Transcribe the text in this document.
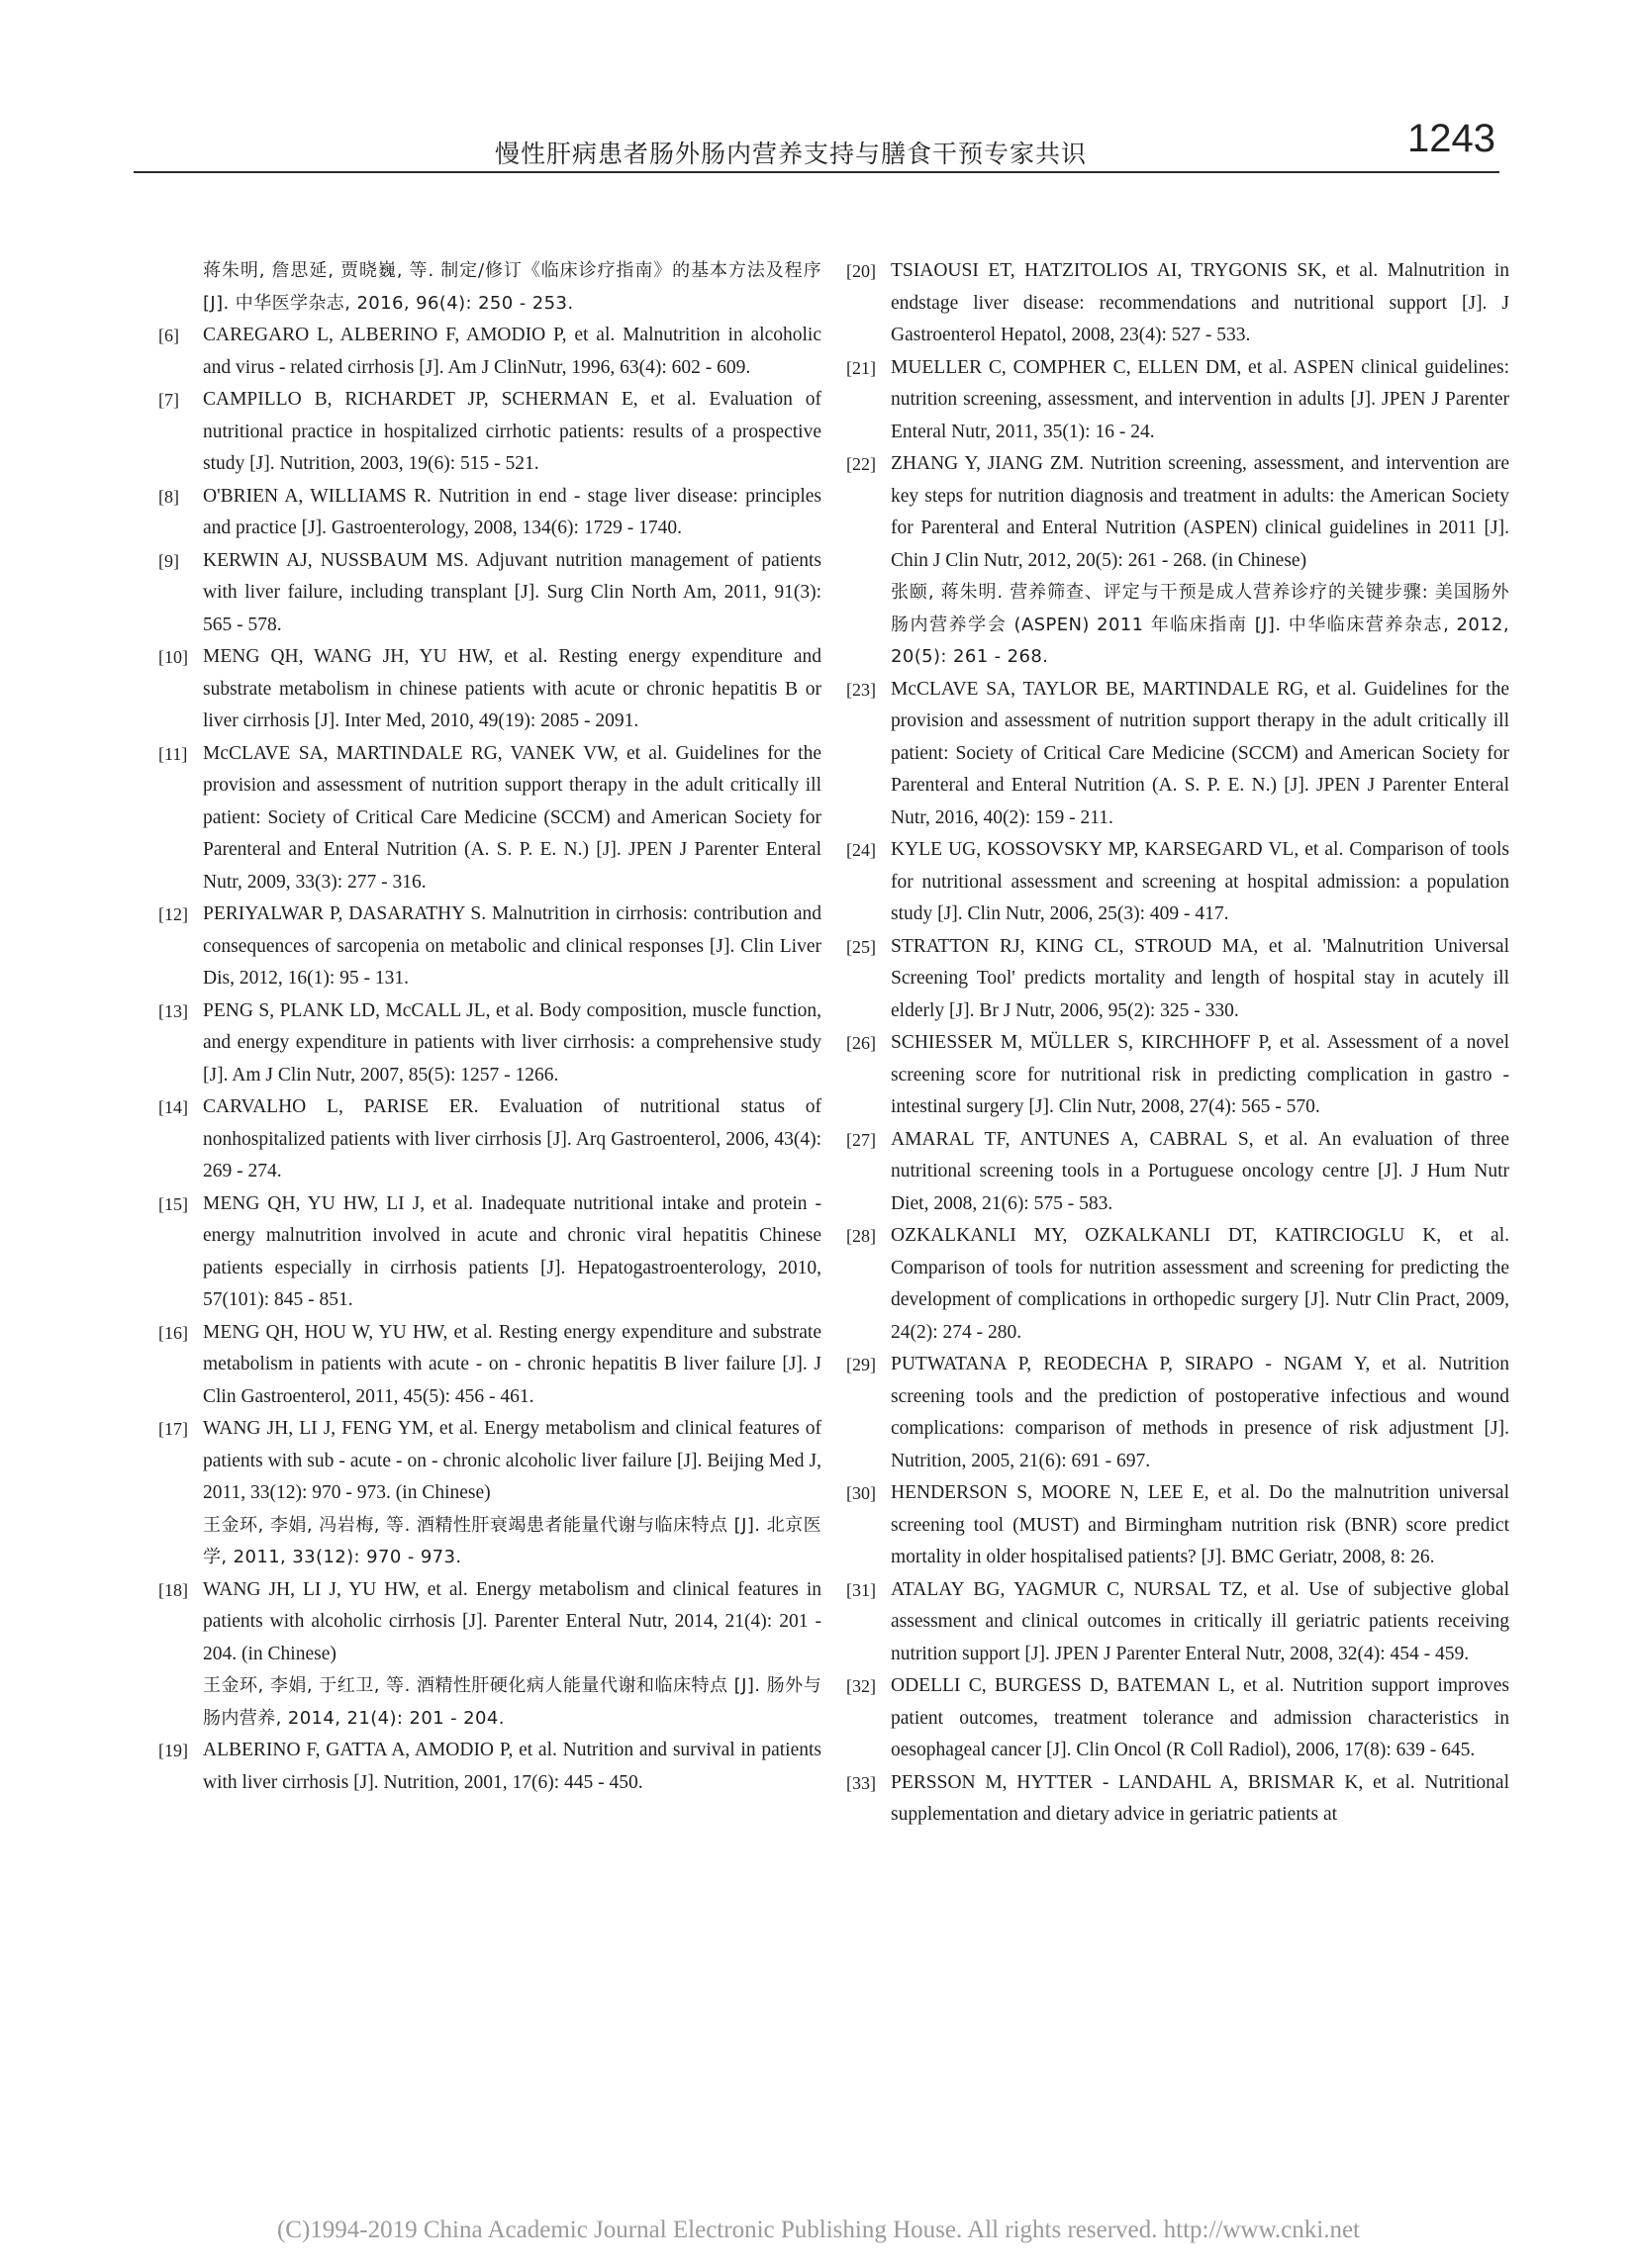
慢性肝病患者肠外肠内营养支持与膳食干预专家共识	1243
蒋朱明, 詹思延, 贾晓巍, 等. 制定/修订《临床诊疗指南》的基本方法及程序 [J]. 中华医学杂志, 2016, 96(4): 250 - 253.
[6] CAREGARO L, ALBERINO F, AMODIO P, et al. Malnutrition in alcoholic and virus - related cirrhosis [J]. Am J ClinNutr, 1996, 63(4): 602 - 609.
[7] CAMPILLO B, RICHARDET JP, SCHERMAN E, et al. Evaluation of nutritional practice in hospitalized cirrhotic patients: results of a prospective study [J]. Nutrition, 2003, 19(6): 515 - 521.
[8] O'BRIEN A, WILLIAMS R. Nutrition in end - stage liver disease: principles and practice [J]. Gastroenterology, 2008, 134(6): 1729 - 1740.
[9] KERWIN AJ, NUSSBAUM MS. Adjuvant nutrition management of patients with liver failure, including transplant [J]. Surg Clin North Am, 2011, 91(3): 565 - 578.
[10] MENG QH, WANG JH, YU HW, et al. Resting energy expenditure and substrate metabolism in chinese patients with acute or chronic hepatitis B or liver cirrhosis [J]. Inter Med, 2010, 49(19): 2085 - 2091.
[11] McCLAVE SA, MARTINDALE RG, VANEK VW, et al. Guidelines for the provision and assessment of nutrition support therapy in the adult critically ill patient: Society of Critical Care Medicine (SCCM) and American Society for Parenteral and Enteral Nutrition (A. S. P. E. N.) [J]. JPEN J Parenter Enteral Nutr, 2009, 33(3): 277 - 316.
[12] PERIYALWAR P, DASARATHY S. Malnutrition in cirrhosis: contribution and consequences of sarcopenia on metabolic and clinical responses [J]. Clin Liver Dis, 2012, 16(1): 95 - 131.
[13] PENG S, PLANK LD, McCALL JL, et al. Body composition, muscle function, and energy expenditure in patients with liver cirrhosis: a comprehensive study [J]. Am J Clin Nutr, 2007, 85(5): 1257 - 1266.
[14] CARVALHO L, PARISE ER. Evaluation of nutritional status of nonhospitalized patients with liver cirrhosis [J]. Arq Gastroenterol, 2006, 43(4): 269 - 274.
[15] MENG QH, YU HW, LI J, et al. Inadequate nutritional intake and protein - energy malnutrition involved in acute and chronic viral hepatitis Chinese patients especially in cirrhosis patients [J]. Hepatogastroenterology, 2010, 57(101): 845 - 851.
[16] MENG QH, HOU W, YU HW, et al. Resting energy expenditure and substrate metabolism in patients with acute - on - chronic hepatitis B liver failure [J]. J Clin Gastroenterol, 2011, 45(5): 456 - 461.
[17] WANG JH, LI J, FENG YM, et al. Energy metabolism and clinical features of patients with sub - acute - on - chronic alcoholic liver failure [J]. Beijing Med J, 2011, 33(12): 970 - 973. (in Chinese)
王金环, 李娟, 冯岩梅, 等. 酒精性肝衰竭患者能量代谢与临床特点 [J]. 北京医学, 2011, 33(12): 970 - 973.
[18] WANG JH, LI J, YU HW, et al. Energy metabolism and clinical features in patients with alcoholic cirrhosis [J]. Parenter Enteral Nutr, 2014, 21(4): 201 - 204. (in Chinese)
王金环, 李娟, 于红卫, 等. 酒精性肝硬化病人能量代谢和临床特点 [J]. 肠外与肠内营养, 2014, 21(4): 201 - 204.
[19] ALBERINO F, GATTA A, AMODIO P, et al. Nutrition and survival in patients with liver cirrhosis [J]. Nutrition, 2001, 17(6): 445 - 450.
[20] TSIAOUSI ET, HATZITOLIOS AI, TRYGONIS SK, et al. Malnutrition in endstage liver disease: recommendations and nutritional support [J]. J Gastroenterol Hepatol, 2008, 23(4): 527 - 533.
[21] MUELLER C, COMPHER C, ELLEN DM, et al. ASPEN clinical guidelines: nutrition screening, assessment, and intervention in adults [J]. JPEN J Parenter Enteral Nutr, 2011, 35(1): 16 - 24.
[22] ZHANG Y, JIANG ZM. Nutrition screening, assessment, and intervention are key steps for nutrition diagnosis and treatment in adults: the American Society for Parenteral and Enteral Nutrition (ASPEN) clinical guidelines in 2011 [J]. Chin J Clin Nutr, 2012, 20(5): 261 - 268. (in Chinese)
张颐, 蒋朱明. 营养筛查、评定与干预是成人营养诊疗的关键步骤: 美国肠外肠内营养学会 (ASPEN) 2011 年临床指南 [J]. 中华临床营养杂志, 2012, 20(5): 261 - 268.
[23] McCLAVE SA, TAYLOR BE, MARTINDALE RG, et al. Guidelines for the provision and assessment of nutrition support therapy in the adult critically ill patient: Society of Critical Care Medicine (SCCM) and American Society for Parenteral and Enteral Nutrition (A. S. P. E. N.) [J]. JPEN J Parenter Enteral Nutr, 2016, 40(2): 159 - 211.
[24] KYLE UG, KOSSOVSKY MP, KARSEGARD VL, et al. Comparison of tools for nutritional assessment and screening at hospital admission: a population study [J]. Clin Nutr, 2006, 25(3): 409 - 417.
[25] STRATTON RJ, KING CL, STROUD MA, et al. 'Malnutrition Universal Screening Tool' predicts mortality and length of hospital stay in acutely ill elderly [J]. Br J Nutr, 2006, 95(2): 325 - 330.
[26] SCHIESSER M, MÜLLER S, KIRCHHOFF P, et al. Assessment of a novel screening score for nutritional risk in predicting complication in gastro - intestinal surgery [J]. Clin Nutr, 2008, 27(4): 565 - 570.
[27] AMARAL TF, ANTUNES A, CABRAL S, et al. An evaluation of three nutritional screening tools in a Portuguese oncology centre [J]. J Hum Nutr Diet, 2008, 21(6): 575 - 583.
[28] OZKALKANLI MY, OZKALKANLI DT, KATIRCIOGLU K, et al. Comparison of tools for nutrition assessment and screening for predicting the development of complications in orthopedic surgery [J]. Nutr Clin Pract, 2009, 24(2): 274 - 280.
[29] PUTWATANA P, REODECHA P, SIRAPO - NGAM Y, et al. Nutrition screening tools and the prediction of postoperative infectious and wound complications: comparison of methods in presence of risk adjustment [J]. Nutrition, 2005, 21(6): 691 - 697.
[30] HENDERSON S, MOORE N, LEE E, et al. Do the malnutrition universal screening tool (MUST) and Birmingham nutrition risk (BNR) score predict mortality in older hospitalised patients? [J]. BMC Geriatr, 2008, 8: 26.
[31] ATALAY BG, YAGMUR C, NURSAL TZ, et al. Use of subjective global assessment and clinical outcomes in critically ill geriatric patients receiving nutrition support [J]. JPEN J Parenter Enteral Nutr, 2008, 32(4): 454 - 459.
[32] ODELLI C, BURGESS D, BATEMAN L, et al. Nutrition support improves patient outcomes, treatment tolerance and admission characteristics in oesophageal cancer [J]. Clin Oncol (R Coll Radiol), 2006, 17(8): 639 - 645.
[33] PERSSON M, HYTTER - LANDAHL A, BRISMAR K, et al. Nutritional supplementation and dietary advice in geriatric patients at
(C)1994-2019 China Academic Journal Electronic Publishing House. All rights reserved. http://www.cnki.net
